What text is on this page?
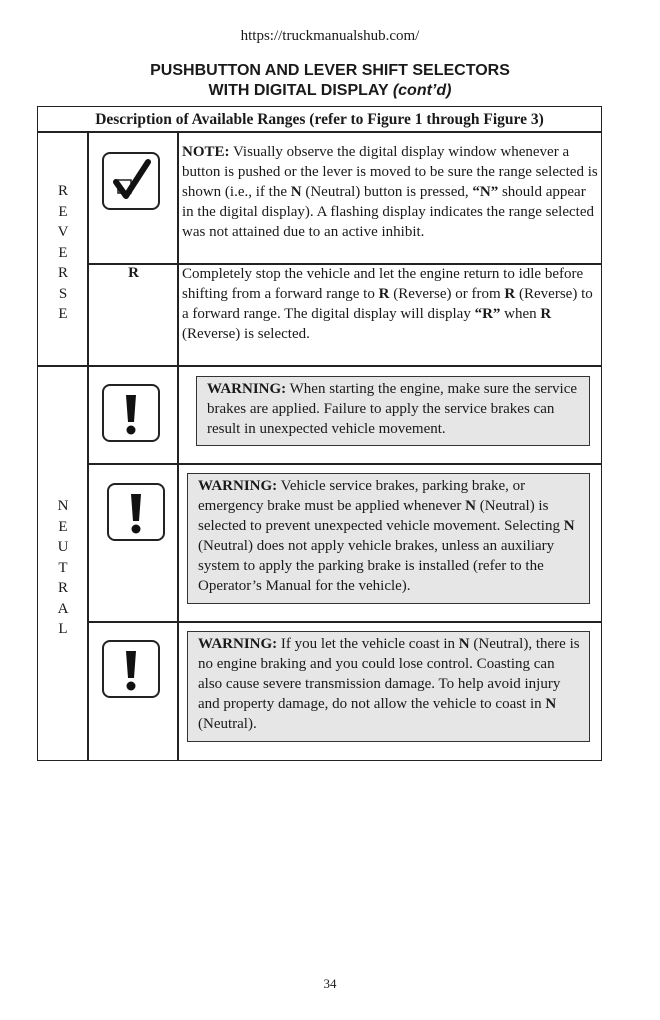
https://truckmanualshub.com/
PUSHBUTTON AND LEVER SHIFT SELECTORS
WITH DIGITAL DISPLAY (cont’d)
Description of Available Ranges (refer to Figure 1 through Figure 3)
R
E
V
E
R
S
E
NOTE: Visually observe the digital display window whenever a button is pushed or the lever is moved to be sure the range selected is shown (i.e., if the N (Neutral) button is pressed, “N” should appear in the digital display). A flashing display indicates the range selected was not attained due to an active inhibit.
R	Completely stop the vehicle and let the engine return to idle before shifting from a forward range to R (Reverse) or from R (Reverse) to a forward range. The digital display will display “R” when R (Reverse) is selected.
N
E
U
T
R
A
L
WARNING: When starting the engine, make sure the service brakes are applied. Failure to apply the service brakes can result in unexpected vehicle movement.
WARNING: Vehicle service brakes, parking brake, or emergency brake must be applied whenever N (Neutral) is selected to prevent unexpected vehicle movement. Selecting N (Neutral) does not apply vehicle brakes, unless an auxiliary system to apply the parking brake is installed (refer to the Operator’s Manual for the vehicle).
WARNING: If you let the vehicle coast in N (Neutral), there is no engine braking and you could lose control. Coasting can also cause severe transmission damage. To help avoid injury and property damage, do not allow the vehicle to coast in N (Neutral).
34
